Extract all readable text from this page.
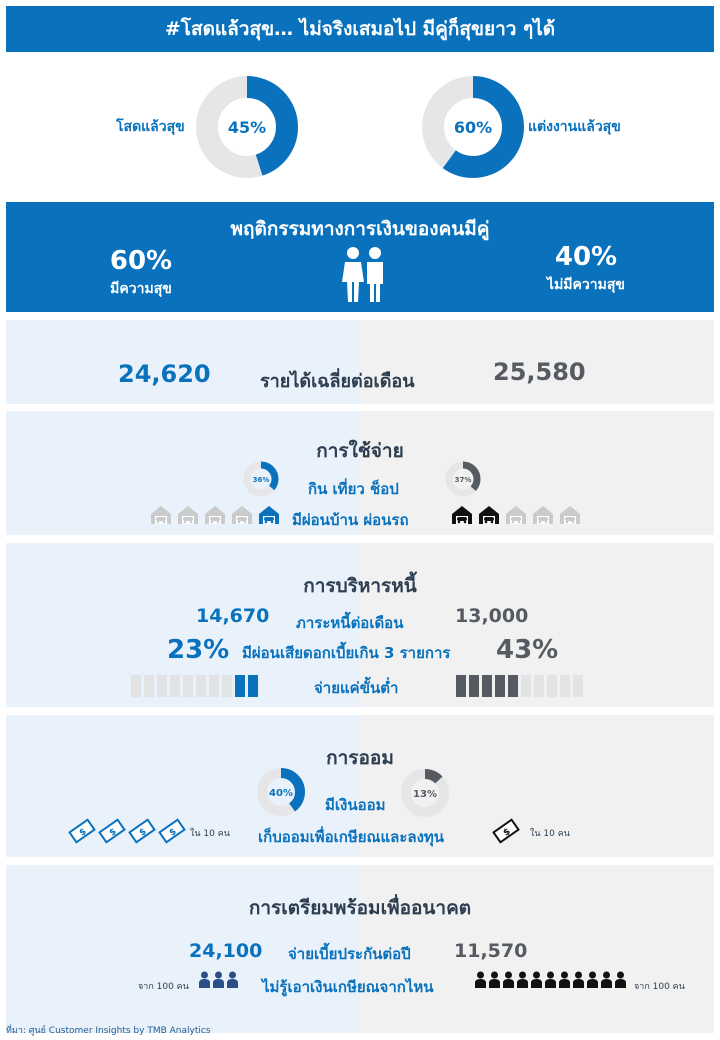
#โสดแล้วสุข… ไม่จริงเสมอไป มีคู่ก็สุขยาว ๆได้
โสดแล้วสุข	45%	60%	แต่งงานแล้วสุข
พฤติกรรมทางการเงินของคนมีคู่
60%
มีความสุข
40%
ไม่มีความสุข
24,620	รายได้เฉลี่ยต่อเดือน	25,580
การใช้จ่าย
36%	กิน เที่ยว ช็อป	37%
มีผ่อนบ้าน ผ่อนรถ
การบริหารหนี้
14,670 ภาระหนี้ต่อเดือน	13,000
23% มีผ่อนเสียดอกเบี้ยเกิน 3 รายการ 43%
จ่ายแค่ขั้นต่ำ
การออม
40%
มีเงินออม
13%
$ $ $ $ ใน 10 คน เก็บออมเพื่อเกษียณและลงทุน	$ ใน 10 คน
การเตรียมพร้อมเพื่ออนาคต
24,100 จ่ายเบี้ยประกันต่อปี 11,570
จาก 100 คน	ไม่รู้เอาเงินเกษียณจากไหน	จาก 100 คน
ที่มา: ศูนย์ Customer Insights by TMB Analytics
